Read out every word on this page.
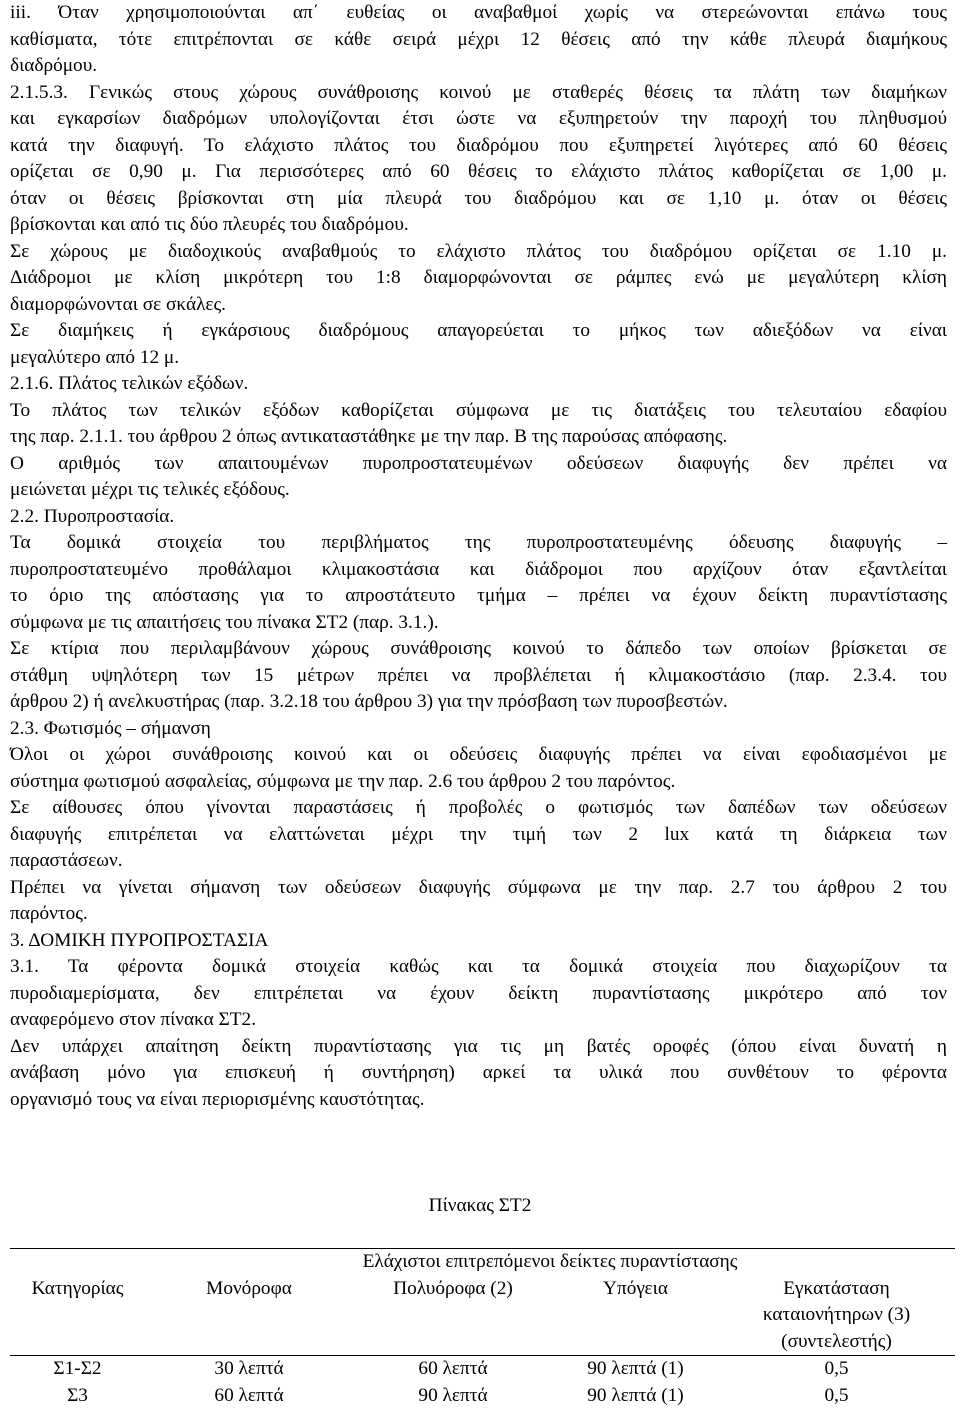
iii. Όταν χρησιμοποιούνται απ΄ ευθείας οι αναβαθμοί χωρίς να στερεώνονται επάνω τους
καθίσματα, τότε επιτρέπονται σε κάθε σειρά μέχρι 12 θέσεις από την κάθε πλευρά διαμήκους
διαδρόμου.
2.1.5.3. Γενικώς στους χώρους συνάθροισης κοινού με σταθερές θέσεις τα πλάτη των διαμήκων
και εγκαρσίων διαδρόμων υπολογίζονται έτσι ώστε να εξυπηρετούν την παροχή του πληθυσμού
κατά την διαφυγή. Το ελάχιστο πλάτος του διαδρόμου που εξυπηρετεί λιγότερες από 60 θέσεις
ορίζεται σε 0,90 μ. Για περισσότερες από 60 θέσεις το ελάχιστο πλάτος καθορίζεται σε 1,00 μ.
όταν οι θέσεις βρίσκονται στη μία πλευρά του διαδρόμου και σε 1,10 μ. όταν οι θέσεις
βρίσκονται και από τις δύο πλευρές του διαδρόμου.
Σε χώρους με διαδοχικούς αναβαθμούς το ελάχιστο πλάτος του διαδρόμου ορίζεται σε 1.10 μ.
Διάδρομοι με κλίση μικρότερη του 1:8 διαμορφώνονται σε ράμπες ενώ με μεγαλύτερη κλίση
διαμορφώνονται σε σκάλες.
Σε διαμήκεις ή εγκάρσιους διαδρόμους απαγορεύεται το μήκος των αδιεξόδων να είναι
μεγαλύτερο από 12 μ.
2.1.6. Πλάτος τελικών εξόδων.
Το πλάτος των τελικών εξόδων καθορίζεται σύμφωνα με τις διατάξεις του τελευταίου εδαφίου
της παρ. 2.1.1. του άρθρου 2 όπως αντικαταστάθηκε με την παρ. Β της παρούσας απόφασης.
Ο αριθμός των απαιτουμένων πυροπροστατευμένων οδεύσεων διαφυγής δεν πρέπει να
μειώνεται μέχρι τις τελικές εξόδους.
2.2. Πυροπροστασία.
Τα δομικά στοιχεία του περιβλήματος της πυροπροστατευμένης όδευσης διαφυγής –
πυροπροστατευμένο προθάλαμοι κλιμακοστάσια και διάδρομοι που αρχίζουν όταν εξαντλείται
το όριο της απόστασης για το απροστάτευτο τμήμα – πρέπει να έχουν δείκτη πυραντίστασης
σύμφωνα με τις απαιτήσεις του πίνακα ΣΤ2 (παρ. 3.1.).
Σε κτίρια που περιλαμβάνουν χώρους συνάθροισης κοινού το δάπεδο των οποίων βρίσκεται σε
στάθμη υψηλότερη των 15 μέτρων πρέπει να προβλέπεται ή κλιμακοστάσιο (παρ. 2.3.4. του
άρθρου 2) ή ανελκυστήρας (παρ. 3.2.18 του άρθρου 3) για την πρόσβαση των πυροσβεστών.
2.3. Φωτισμός – σήμανση
Όλοι οι χώροι συνάθροισης κοινού και οι οδεύσεις διαφυγής πρέπει να είναι εφοδιασμένοι με
σύστημα φωτισμού ασφαλείας, σύμφωνα με την παρ. 2.6 του άρθρου 2 του παρόντος.
Σε αίθουσες όπου γίνονται παραστάσεις ή προβολές ο φωτισμός των δαπέδων των οδεύσεων
διαφυγής επιτρέπεται να ελαττώνεται μέχρι την τιμή των 2 lux κατά τη διάρκεια των
παραστάσεων.
Πρέπει να γίνεται σήμανση των οδεύσεων διαφυγής σύμφωνα με την παρ. 2.7 του άρθρου 2 του
παρόντος.
3. ΔΟΜΙΚΗ ΠΥΡΟΠΡΟΣΤΑΣΙΑ
3.1. Τα φέροντα δομικά στοιχεία καθώς και τα δομικά στοιχεία που διαχωρίζουν τα
πυροδιαμερίσματα, δεν επιτρέπεται να έχουν δείκτη πυραντίστασης μικρότερο από τον
αναφερόμενο στον πίνακα ΣΤ2.
Δεν υπάρχει απαίτηση δείκτη πυραντίστασης για τις μη βατές οροφές (όπου είναι δυνατή η
ανάβαση μόνο για επισκευή ή συντήρηση) αρκεί τα υλικά που συνθέτουν το φέροντα
οργανισμό τους να είναι περιορισμένης καυστότητας.
Πίνακας ΣΤ2
	Ελάχιστοι επιτρεπόμενοι δείκτες πυραντίστασης			
Κατηγορίας	Μονόροφα	Πολυόροφα (2)	Υπόγεια	Εγκατάσταση
καταιονήτηρων (3)
(συντελεστής)

Σ1-Σ2	30 λεπτά	60 λεπτά	90 λεπτά (1)	0,5
Σ3	60 λεπτά	90 λεπτά	90 λεπτά (1)	0,5
